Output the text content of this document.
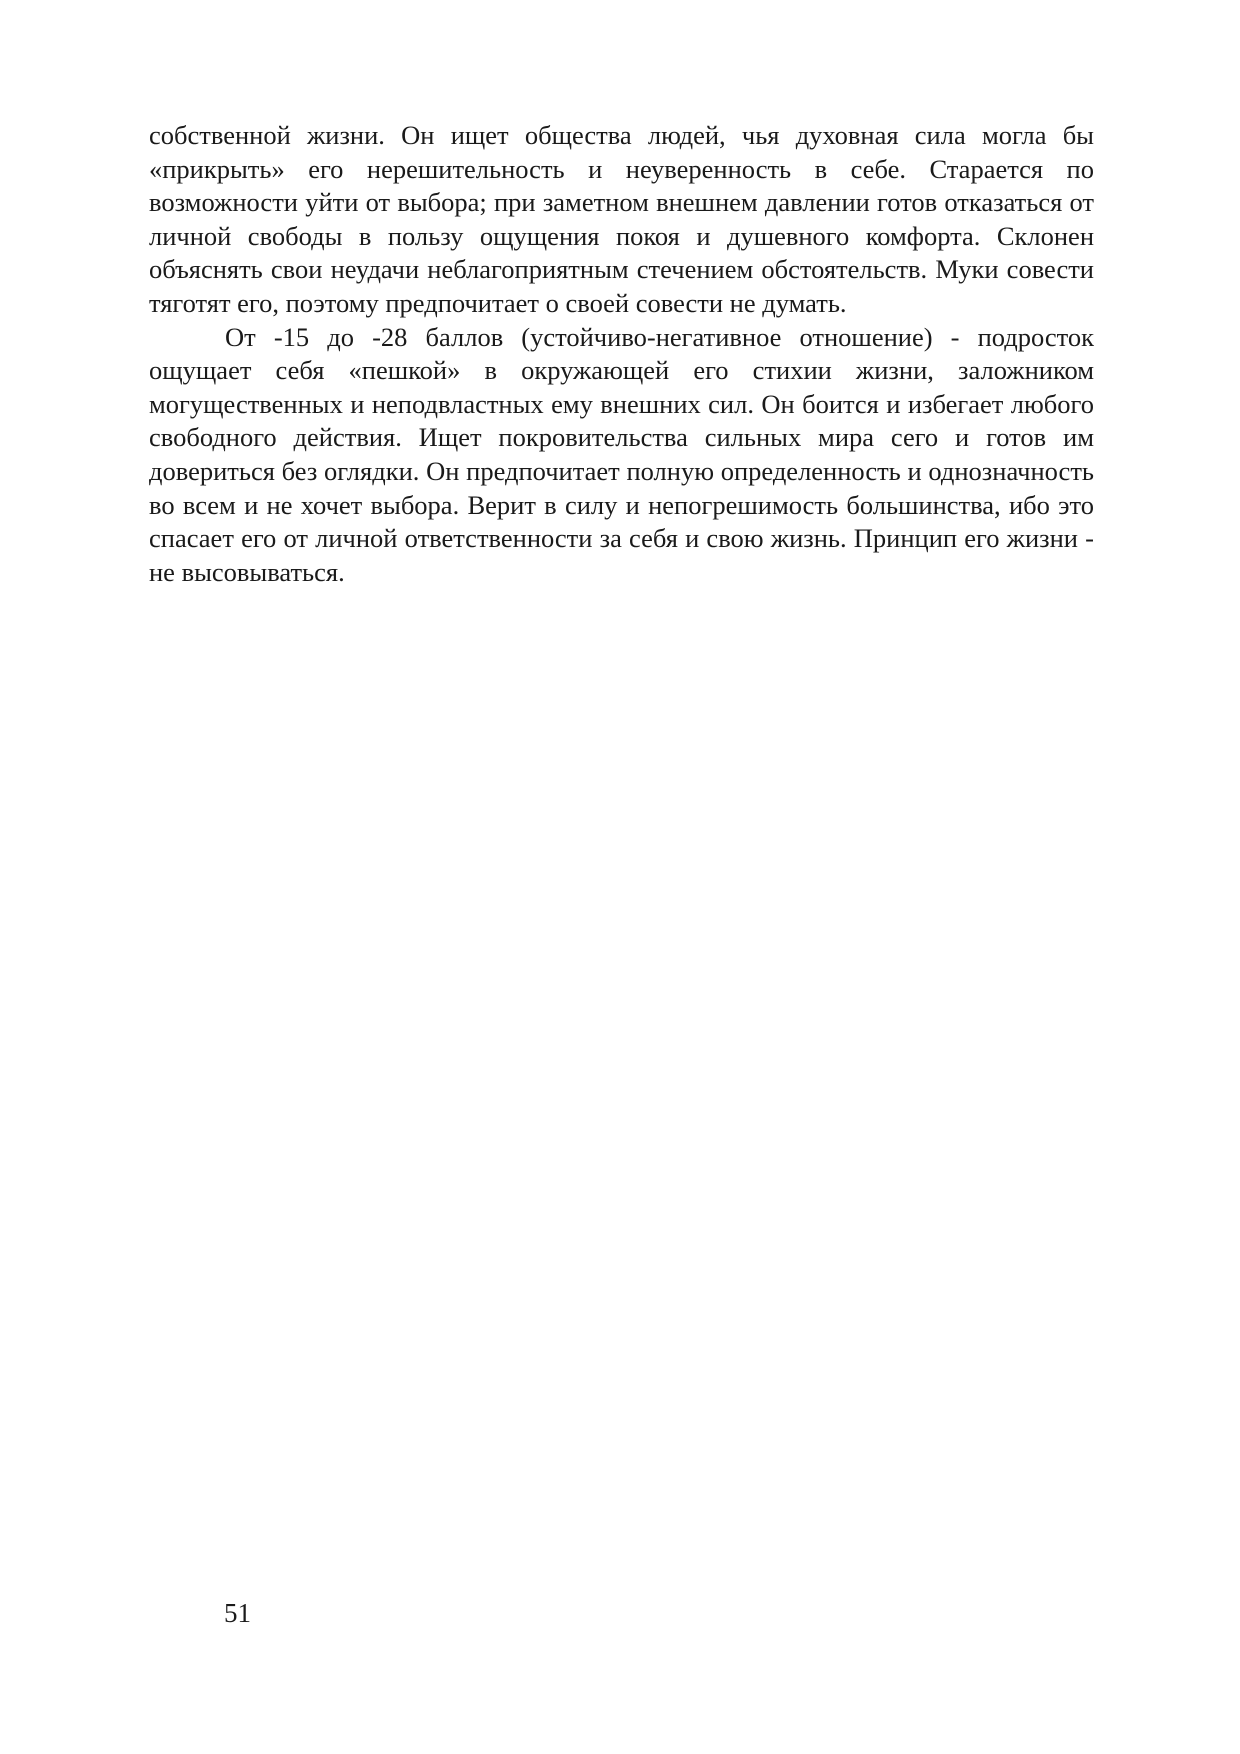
собственной жизни. Он ищет общества людей, чья духовная сила могла бы «прикрыть» его нерешительность и неуверенность в себе. Старается по возможности уйти от выбора; при заметном внешнем давлении готов отказаться от личной свободы в пользу ощущения покоя и душевного комфорта. Склонен объяснять свои неудачи неблагоприятным стечением обстоятельств. Муки совести тяготят его, поэтому предпочитает о своей совести не думать.

От -15 до -28 баллов (устойчиво-негативное отношение) - подросток ощущает себя «пешкой» в окружающей его стихии жизни, заложником могущественных и неподвластных ему внешних сил. Он боится и избегает любого свободного действия. Ищет покровительства сильных мира сего и готов им довериться без оглядки. Он предпочитает полную определенность и однозначность во всем и не хочет выбора. Верит в силу и непогрешимость большинства, ибо это спасает его от личной ответственности за себя и свою жизнь. Принцип его жизни - не высовываться.

51
